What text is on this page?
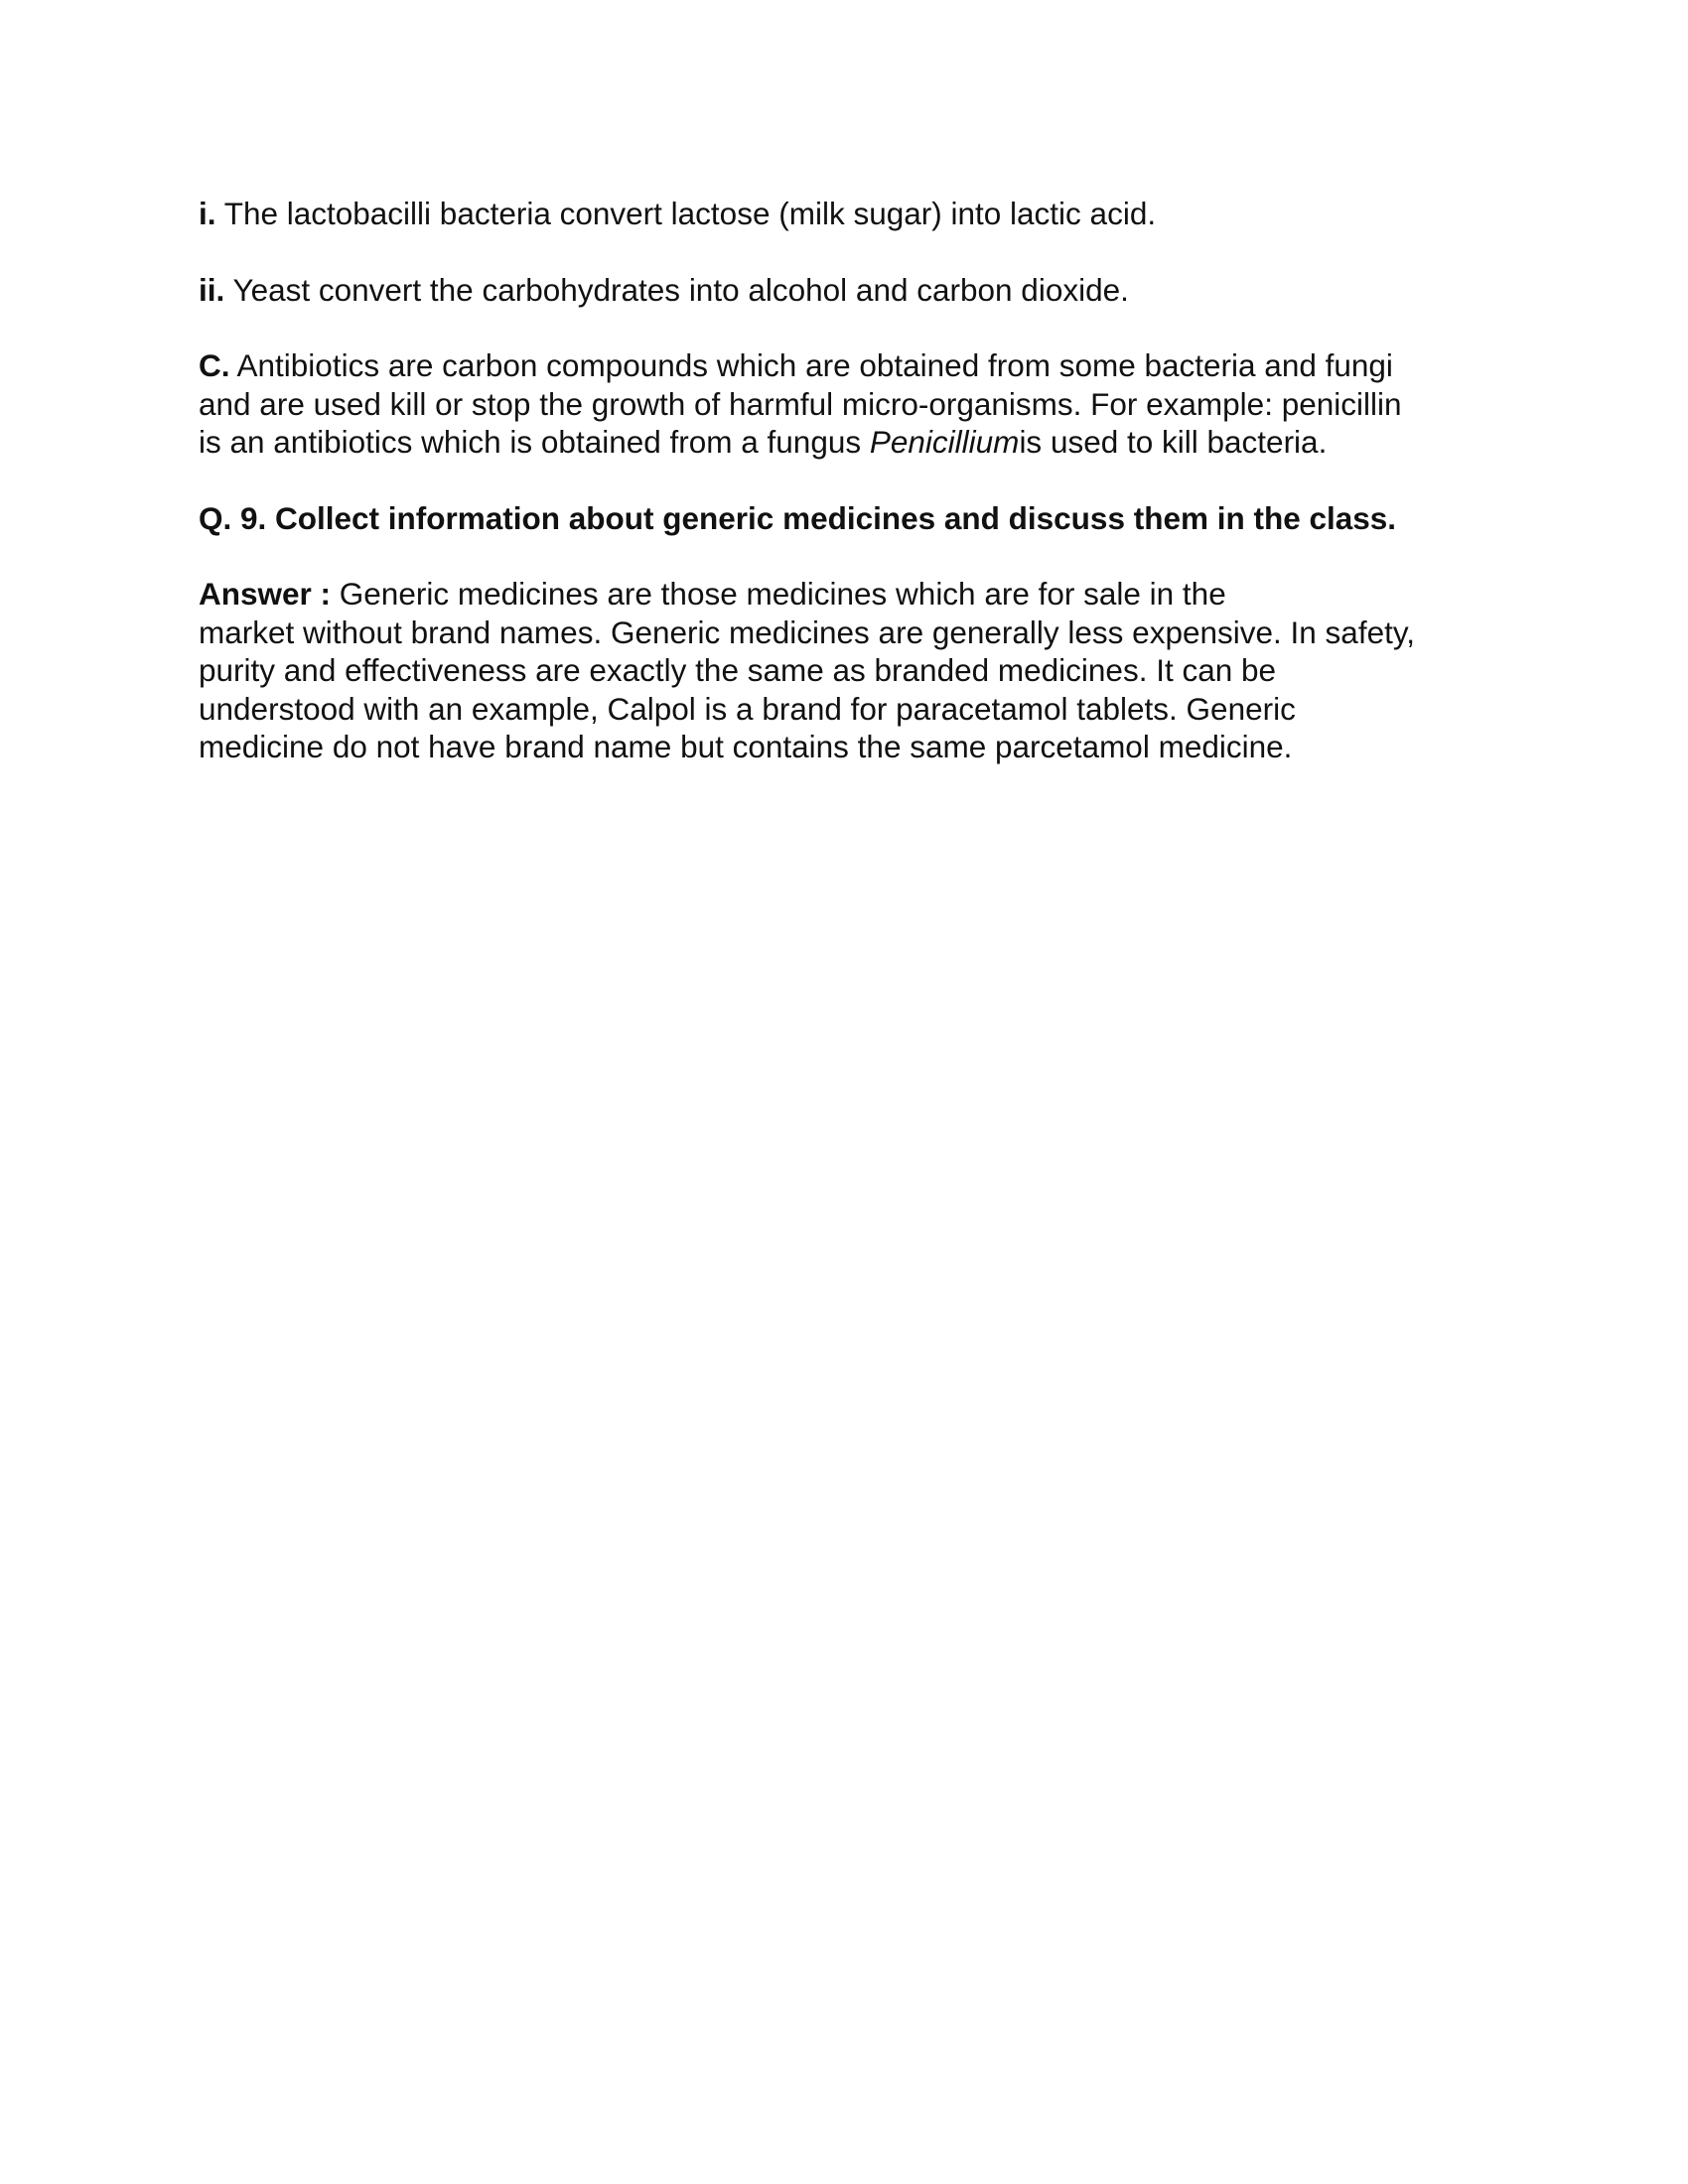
i. The lactobacilli bacteria convert lactose (milk sugar) into lactic acid.

ii. Yeast convert the carbohydrates into alcohol and carbon dioxide.

C. Antibiotics are carbon compounds which are obtained from some bacteria and fungi
and are used kill or stop the growth of harmful micro-organisms. For example: penicillin
is an antibiotics which is obtained from a fungus Penicilliumis used to kill bacteria.

Q. 9. Collect information about generic medicines and discuss them in the class.

Answer : Generic medicines are those medicines which are for sale in the
market without brand names. Generic medicines are generally less expensive. In safety,
purity and effectiveness are exactly the same as branded medicines. It can be
understood with an example, Calpol is a brand for paracetamol tablets. Generic
medicine do not have brand name but contains the same parcetamol medicine.
